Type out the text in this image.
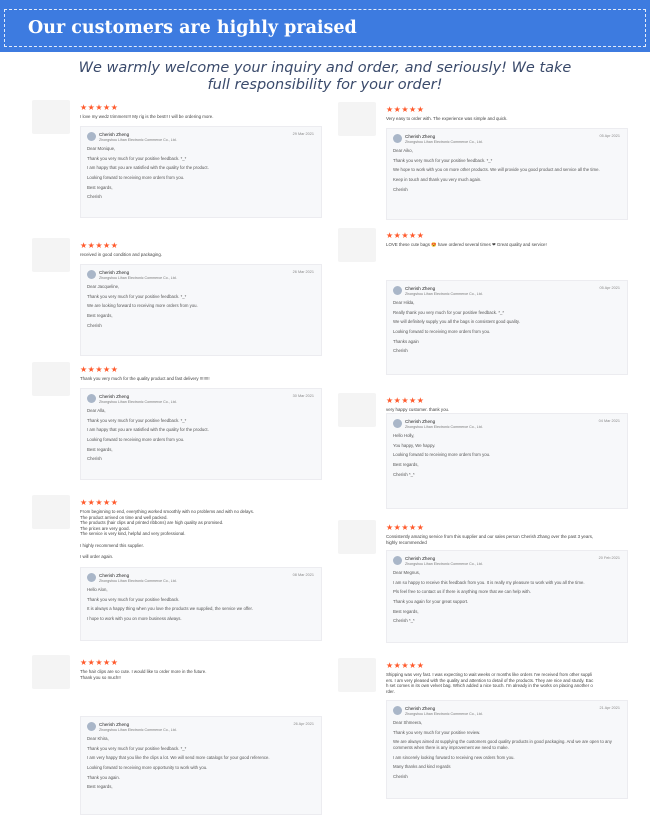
Our customers are highly praised
We warmly welcome your inquiry and order, and seriously! We take
full responsibility for your order!
★★★★★
I love my wedz trimmers!!! My rig is the best!! I will be ordering more.
Cherish Zheng
Zhongshou Lihan Electronic Commerce Co., Ltd.
29 Mar 2021
Dear Monique,
Thank you very much for your positive feedback. *_*
I am happy that you are satisfied with the quality for the product.
Looking forward to receiving more orders from you.
Best regards,
Cherish
★★★★★
received in good condition and packaging.
Cherish Zheng
Zhongshou Lihan Electronic Commerce Co., Ltd.
26 Mar 2021
Dear Jacqueline,
Thank you very much for your positive feedback. *_*
We are looking forward to receiving more orders from you.
Best regards,
Cherish
★★★★★
Thank you very much for the quality product and fast delivery !!!!!!!!
Cherish Zheng
Zhongshou Lihan Electronic Commerce Co., Ltd.
30 Mar 2021
Dear Alla,
Thank you very much for your positive feedback. *_*
I am happy that you are satisfied with the quality for the product.
Looking forward to receiving more orders from you.
Best regards,
Cherish
★★★★★
From beginning to end, everything worked smoothly with no problems and with no delays.
The product arrived on time and well packed.
The products (hair clips and printed ribbons) are high quality as promised.
The prices are very good.
The service is very kind, helpful and very professional.
I highly recommend this supplier.
I will order again.
Cherish Zheng
Zhongshou Lihan Electronic Commerce Co., Ltd.
08 Mar 2021
Hello Alon,
Thank you very much for your positive feedback.
It is always a happy thing when you love the products we supplied, the service we offer.
I hope to work with you on more business always.
★★★★★
The hair clips are so cute. I would like to order more in the future.
Thank you so much!!
Cherish Zheng
Zhongshou Lihan Electronic Commerce Co., Ltd.
26 Apr 2021
Dear Khira,
Thank you very much for your positive feedback. *_*
I am very happy that you like the clips a lot. We will send more catalogs for your good reference.
Looking forward to receiving more opportunity to work with you.
Thank you again.
Best regards,
★★★★★
Very easy to order with. The experience was simple and quick.
Cherish Zheng
Zhongshou Lihan Electronic Commerce Co., Ltd.
05 Apr 2021
Dear Aiko,
Thank you very much for your positive feedback. *_*
We hope to work with you on more other products. We will provide you good product and service all the time.
Keep in touch and thank you very much again.
Cherish
★★★★★
LOVE these cute bags 😍 have ordered several times ❤ Great quality and service!
Cherish Zheng
Zhongshou Lihan Electronic Commerce Co., Ltd.
05 Apr 2021
Dear Hilda,
Really thank you very much for your positive feedback. *_*
We will definitely supply you all the bags in consistent good quality.
Looking forward to receiving more orders from you.
Thanks again
Cherish
★★★★★
very happy customer. thank you.
Cherish Zheng
Zhongshou Lihan Electronic Commerce Co., Ltd.
04 Mar 2021
Hello Holly,
You happy, We happy.
Looking forward to receiving more orders from you.
Best regards,
Cherish *_*
★★★★★
Consistently amazing service from this supplier and our sales person Cherish Zhang over the past 3 years,
highly recommended
Cherish Zheng
Zhongshou Lihan Electronic Commerce Co., Ltd.
20 Feb 2021
Dear Megnus,
I am so happy to receive this feedback from you. It is really my pleasure to work with you all the time.
Pls feel free to contact us if there is anything more that we can help with.
Thank you again for your great support.
Best regards,
Cherish *_*
★★★★★
Shipping was very fast. I was expecting to wait weeks or months like orders I've received from other suppli
ers. I am very pleased with the quality and attention to detail of the products. They are nice and sturdy. Eac
h set comes in its own velvet bag. Which added a nice touch. I'm already in the works on placing another o
rder.
Cherish Zheng
Zhongshou Lihan Electronic Commerce Co., Ltd.
21 Apr 2021
Dear Shmeera,
Thank you very much for your positive review.
We are always aimed at supplying the customers good quality products in good packaging. And we are open to any comments when there is any improvement we need to make.
I am sincerely looking forward to receiving new orders from you.
Many thanks and kind regards
Cherish
